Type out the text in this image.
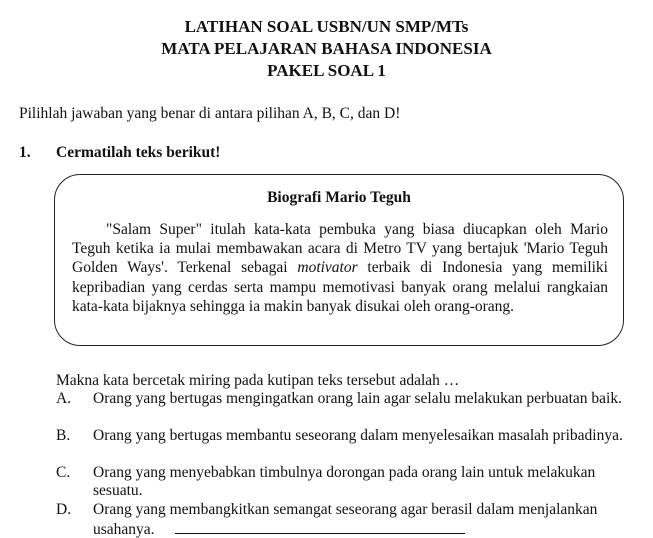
LATIHAN SOAL USBN/UN SMP/MTs
MATA PELAJARAN BAHASA INDONESIA
PAKEL SOAL 1
Pilihlah jawaban yang benar di antara pilihan A, B, C, dan D!
1. Cermatilah teks berikut!
Biografi Mario Teguh
"Salam Super" itulah kata-kata pembuka yang biasa diucapkan oleh Mario Teguh ketika ia mulai membawakan acara di Metro TV yang bertajuk 'Mario Teguh Golden Ways'. Terkenal sebagai motivator terbaik di Indonesia yang memiliki kepribadian yang cerdas serta mampu memotivasi banyak orang melalui rangkaian kata-kata bijaknya sehingga ia makin banyak disukai oleh orang-orang.
Makna kata bercetak miring pada kutipan teks tersebut adalah …
A.	Orang yang bertugas mengingatkan orang lain agar selalu melakukan perbuatan baik.
B.	Orang yang bertugas membantu seseorang dalam menyelesaikan masalah pribadinya.
C.	Orang yang menyebabkan timbulnya dorongan pada orang lain untuk melakukan sesuatu.
D.	Orang yang membangkitkan semangat seseorang agar berasil dalam menjalankan usahanya.
